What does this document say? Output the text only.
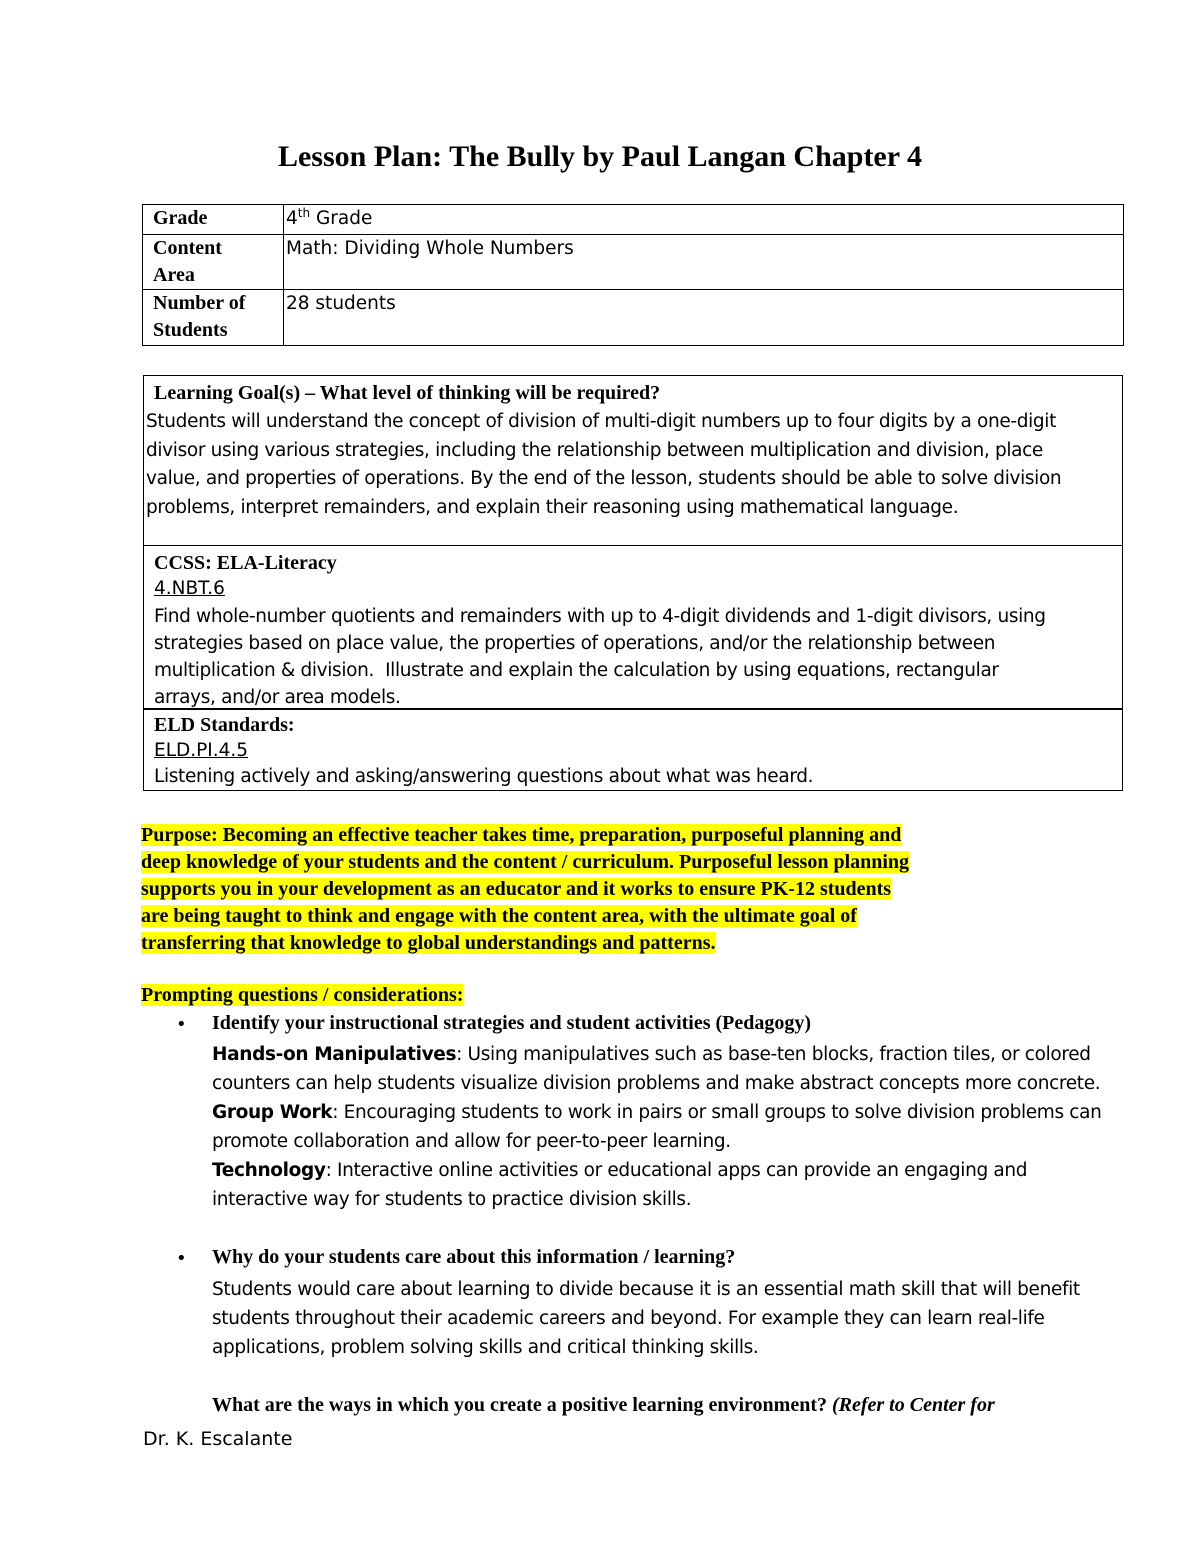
Lesson Plan: The Bully by Paul Langan Chapter 4
Grade	4th Grade

Content
Area	Math: Dividing Whole Numbers

Number of
Students	28 students
Learning Goal(s) – What level of thinking will be required?
Students will understand the concept of division of multi-digit numbers up to four digits by a one-digit
divisor using various strategies, including the relationship between multiplication and division, place
value, and properties of operations. By the end of the lesson, students should be able to solve division
problems, interpret remainders, and explain their reasoning using mathematical language.
CCSS: ELA-Literacy
4.NBT.6
Find whole-number quotients and remainders with up to 4-digit dividends and 1-digit divisors, using
strategies based on place value, the properties of operations, and/or the relationship between
multiplication & division.  Illustrate and explain the calculation by using equations, rectangular
arrays, and/or area models.
ELD Standards:
ELD.PI.4.5
Listening actively and asking/answering questions about what was heard.
Purpose: Becoming an effective teacher takes time, preparation, purposeful planning and
deep knowledge of your students and the content / curriculum. Purposeful lesson planning
supports you in your development as an educator and it works to ensure PK-12 students
are being taught to think and engage with the content area, with the ultimate goal of
transferring that knowledge to global understandings and patterns.
Prompting questions / considerations:
• Identify your instructional strategies and student activities (Pedagogy)
Hands-on Manipulatives: Using manipulatives such as base-ten blocks, fraction tiles, or colored
counters can help students visualize division problems and make abstract concepts more concrete.
Group Work: Encouraging students to work in pairs or small groups to solve division problems can
promote collaboration and allow for peer-to-peer learning.
Technology: Interactive online activities or educational apps can provide an engaging and
interactive way for students to practice division skills.
• Why do your students care about this information / learning?
Students would care about learning to divide because it is an essential math skill that will benefit
students throughout their academic careers and beyond. For example they can learn real-life
applications, problem solving skills and critical thinking skills.
What are the ways in which you create a positive learning environment? (Refer to Center for
Dr. K. Escalante
